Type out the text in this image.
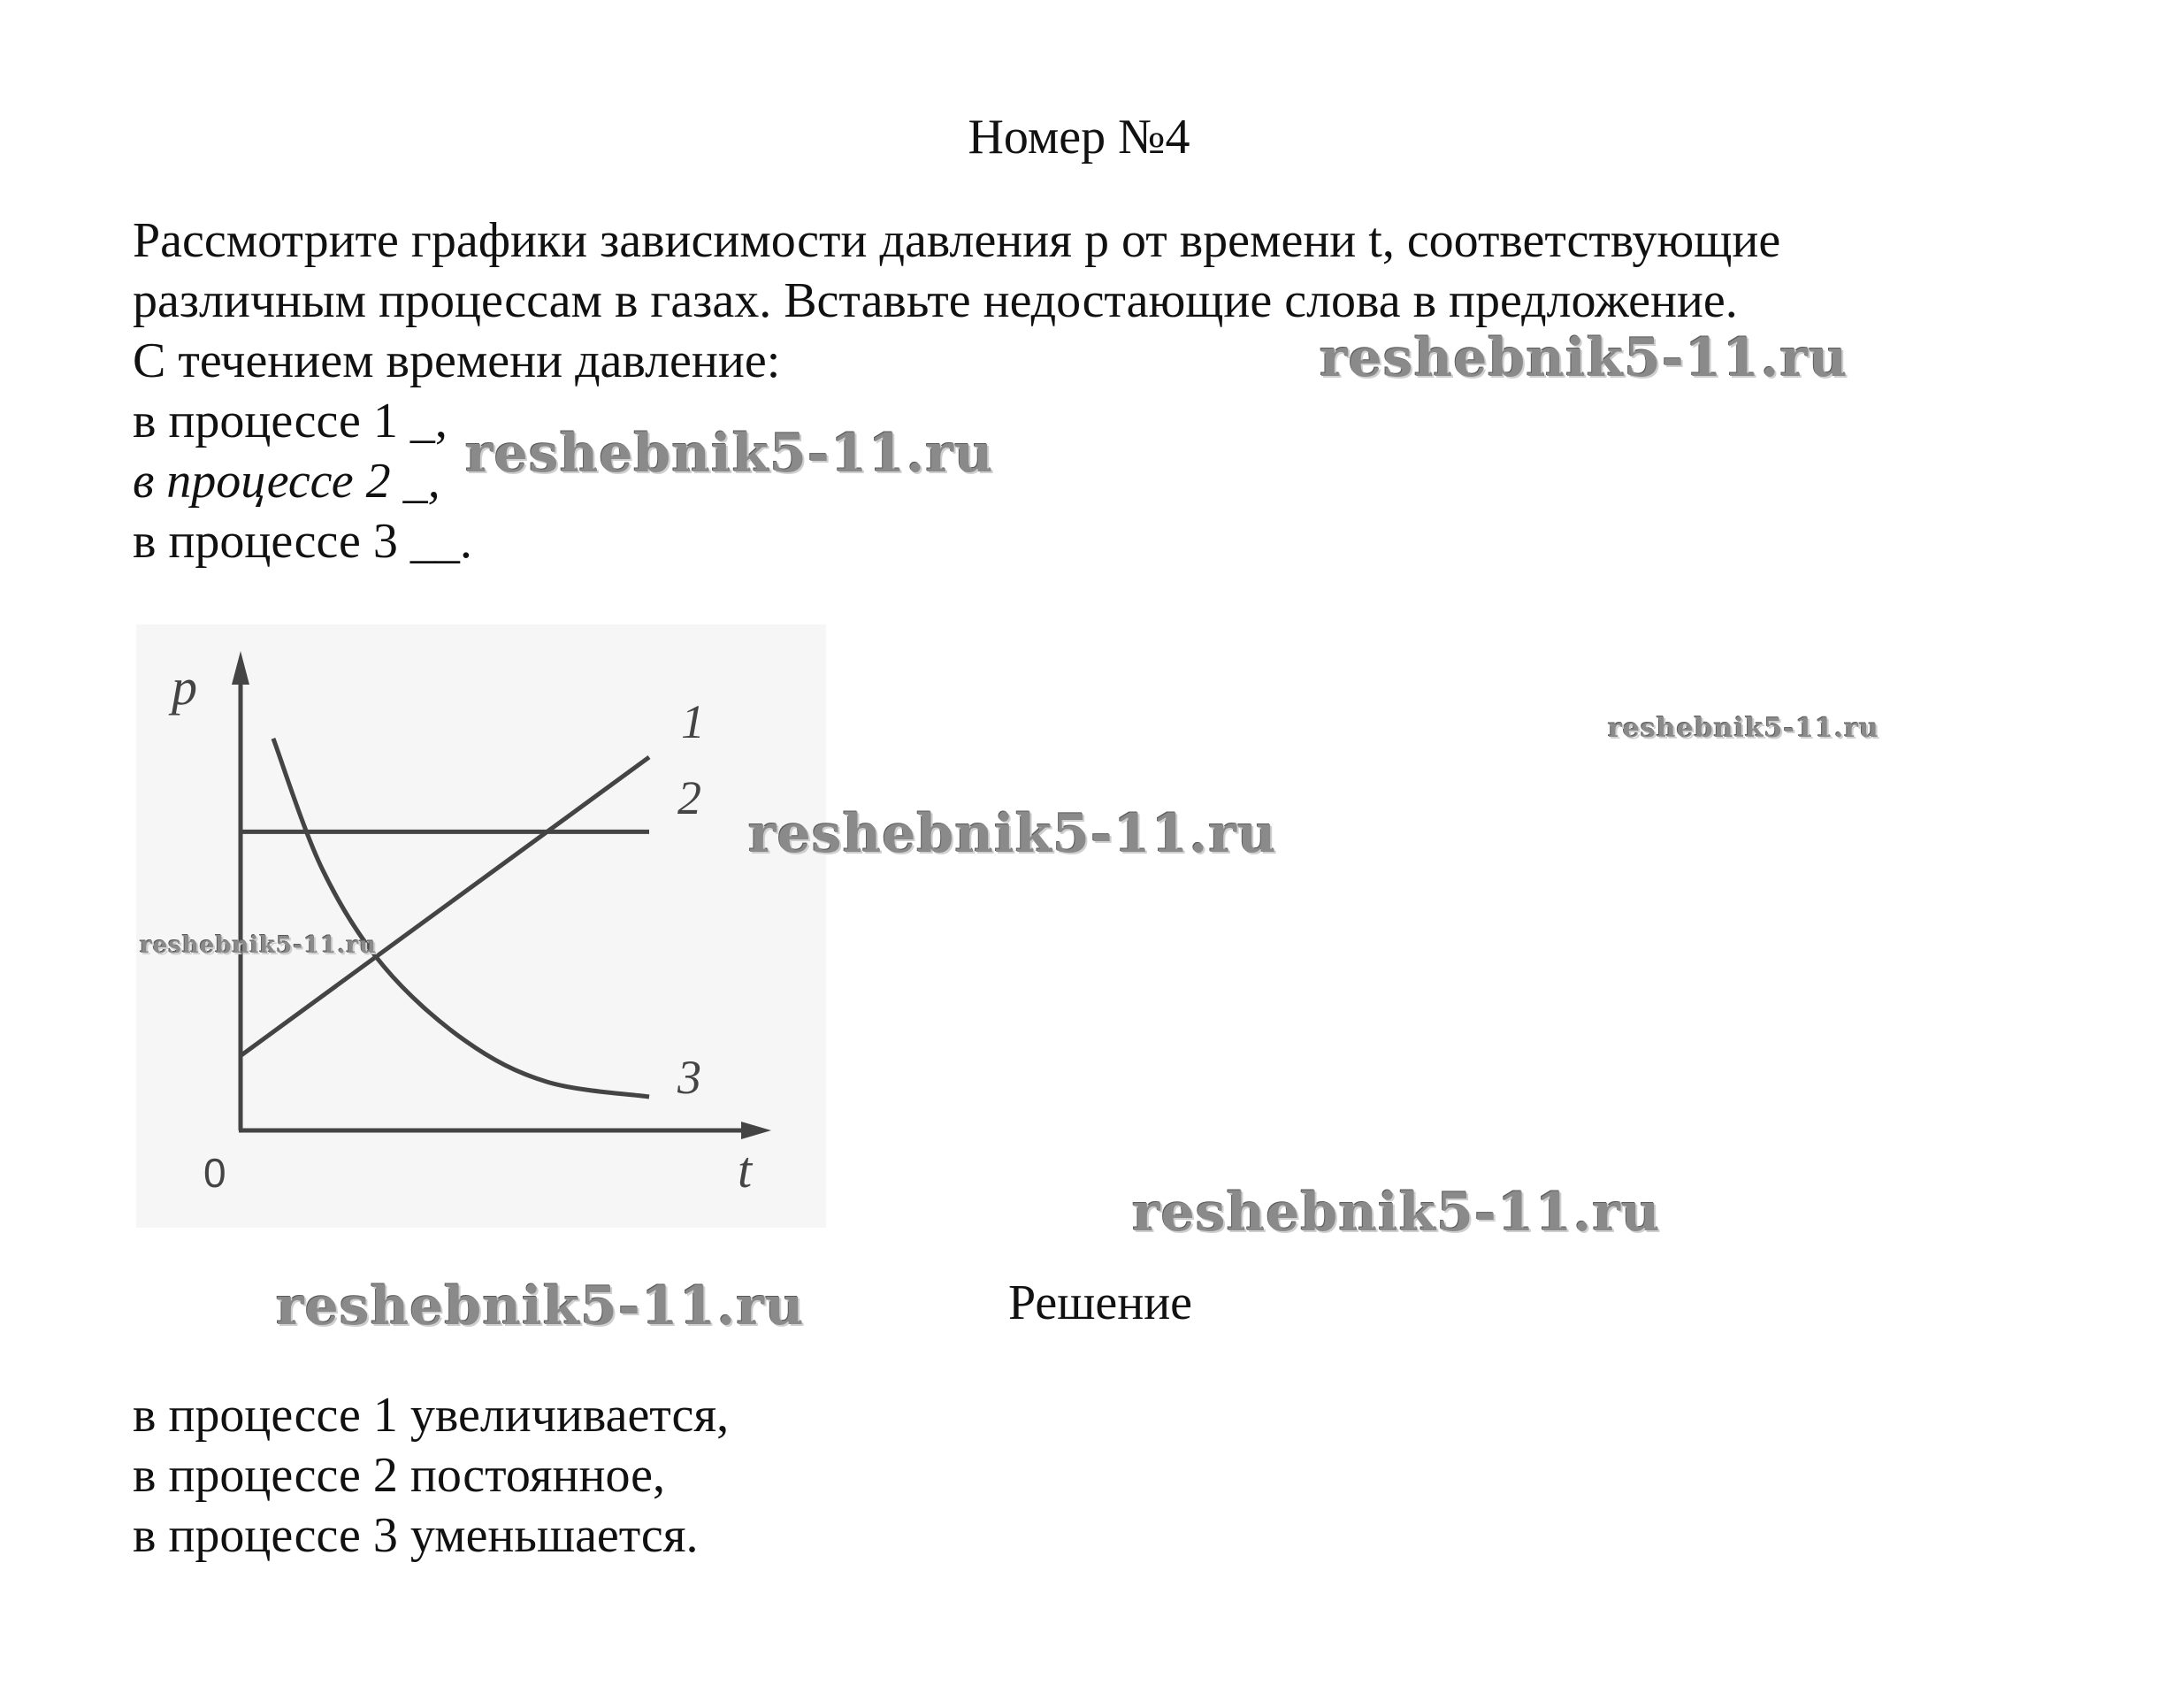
Номер №4

Рассмотрите графики зависимости давления p от времени t, соответствующие

различным процессам в газах. Вставьте недостающие слова в предложение.

С течением времени давление:

в процессе 1 _,

в процессе 2 _,

в процессе 3 __.

p
t
0
1
2
3
Решение

в процессе 1 увеличивается,

в процессе 2 постоянное,

в процессе 3 уменьшается.

reshebnik5-11.ru
reshebnik5-11.ru
reshebnik5-11.ru
reshebnik5-11.ru
reshebnik5-11.ru
reshebnik5-11.ru
reshebnik5-11.ru
